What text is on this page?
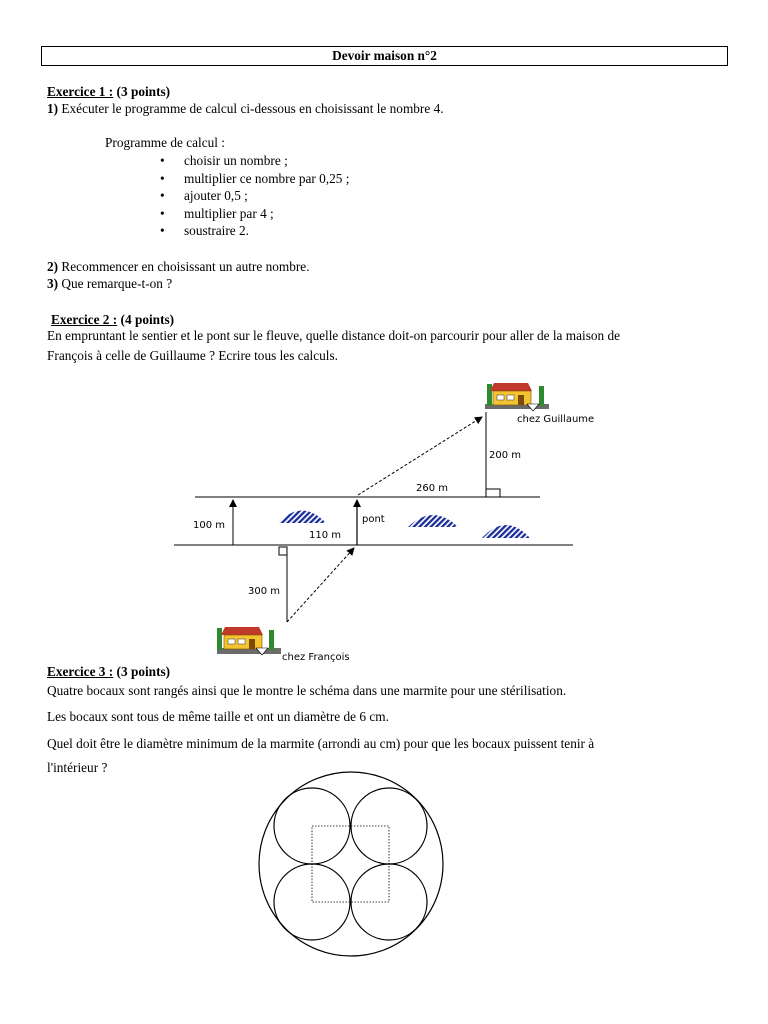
Devoir maison n°2
Exercice 1 : (3 points)
1) Exécuter le programme de calcul ci-dessous en choisissant le nombre 4.
Programme de calcul :
• choisir un nombre ;
• multiplier ce nombre par 0,25 ;
• ajouter 0,5 ;
• multiplier par 4 ;
• soustraire 2.
2) Recommencer en choisissant un autre nombre.
3) Que remarque-t-on ?
Exercice 2 : (4 points)
En empruntant le sentier et le pont sur le fleuve, quelle distance doit-on parcourir pour aller de la maison de
François à celle de Guillaume ? Ecrire tous les calculs.
200 m
260 m
100 m
110 m
pont
300 m
chez Guillaume
chez François
Exercice 3 : (3 points)
Quatre bocaux sont rangés ainsi que le montre le schéma dans une marmite pour une stérilisation.
Les bocaux sont tous de même taille et ont un diamètre de 6 cm.
Quel doit être le diamètre minimum de la marmite (arrondi au cm) pour que les bocaux puissent tenir à
l'intérieur ?
